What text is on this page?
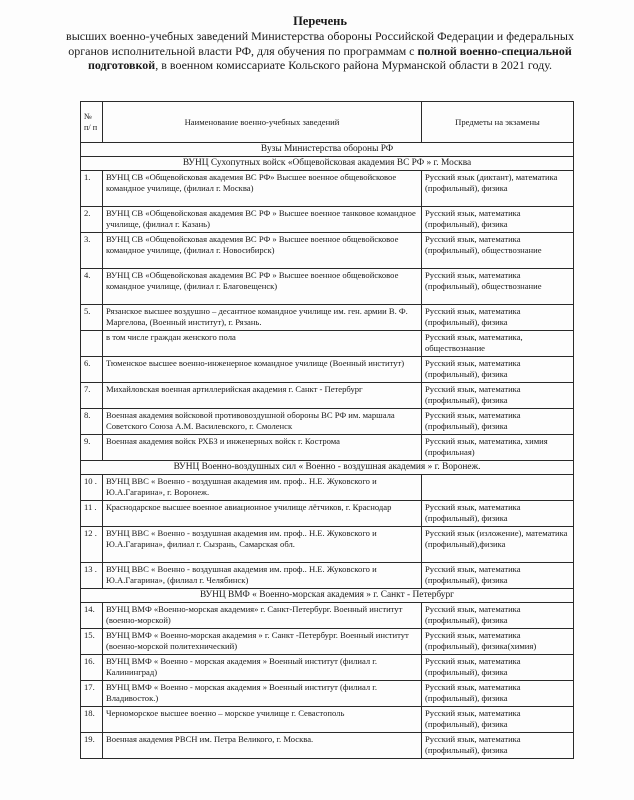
Перечень
высших военно-учебных заведений Министерства обороны Российской Федерации и федеральных органов исполнительной власти РФ, для обучения по программам с полной военно-специальной подготовкой, в военном комиссариате Кольского района Мурманской области в 2021 году.
№ п/ п	Наименование военно-учебных заведений	Предметы на экзамены
Вузы Министерства обороны РФ		
ВУНЦ Сухопутных войск «Общевойсковая академия ВС РФ » г. Москва		
1.	ВУНЦ СВ «Общевойсковая академия ВС РФ» Высшее военное общевойсковое командное училище, (филиал г. Москва)	Русский язык (диктант), математика (профильный), физика
2.	ВУНЦ СВ «Общевойсковая академия ВС РФ » Высшее военное танковое командное училище, (филиал г. Казань)	Русский язык, математика (профильный), физика
3.	ВУНЦ СВ «Общевойсковая академия ВС РФ » Высшее военное общевойсковое командное училище, (филиал г. Новосибирск)	Русский язык, математика (профильный), обществознание
4.	ВУНЦ СВ «Общевойсковая академия ВС РФ » Высшее военное общевойсковое командное училище, (филиал г. Благовещенск)	Русский язык, математика (профильный), обществознание
5.	Рязанское высшее воздушно – десантное командное училище им. ген. армии В. Ф. Маргелова, (Военный институт), г. Рязань.	Русский язык, математика (профильный), физика
	в том числе граждан женского пола	Русский язык, математика, обществознание
6.	Тюменское высшее военно-инженерное командное училище (Военный институт)	Русский язык, математика (профильный), физика
7.	Михайловская военная артиллерийская академия г. Санкт - Петербург	Русский язык, математика (профильный), физика
8.	Военная академия войсковой противовоздушной обороны ВС РФ им. маршала Советского Союза А.М. Василевского, г. Смоленск	Русский язык, математика (профильный), физика
9.	Военная академия войск РХБЗ и инженерных войск г. Кострома	Русский язык, математика, химия (профильная)
ВУНЦ Военно-воздушных сил « Военно - воздушная академия » г. Воронеж.		
10 .	ВУНЦ ВВС « Военно - воздушная академия им. проф.. Н.Е. Жуковского и Ю.А.Гагарина», г. Воронеж.	
11 .	Краснодарское высшее военное авиационное училище лётчиков, г. Краснодар	Русский язык, математика (профильный), физика
12 .	ВУНЦ ВВС « Военно - воздушная академия им. проф.. Н.Е. Жуковского и Ю.А.Гагарина», филиал г. Сызрань, Самарская обл.	Русский язык (изложение), математика (профильный),физика
13 .	ВУНЦ ВВС « Военно - воздушная академия им. проф.. Н.Е. Жуковского и Ю.А.Гагарина», (филиал г. Челябинск)	Русский язык, математика (профильный), физика
ВУНЦ ВМФ « Военно-морская академия » г. Санкт - Петербург		
14.	ВУНЦ ВМФ «Военно-морская академия» г. Санкт-Петербург. Военный институт (военно-морской)	Русский язык, математика (профильный), физика
15.	ВУНЦ ВМФ « Военно-морская академия » г. Санкт -Петербург. Военный институт (военно-морской политехнический)	Русский язык, математика (профильный), физика(химия)
16.	ВУНЦ ВМФ « Военно - морская академия » Военный институт (филиал г. Калининград)	Русский язык, математика (профильный), физика
17.	ВУНЦ ВМФ « Военно - морская академия » Военный институт (филиал г. Владивосток.)	Русский язык, математика (профильный), физика
18.	Черноморское высшее военно – морское училище г. Севастополь	Русский язык, математика (профильный), физика
19.	Военная академия РВСН им. Петра Великого, г. Москва.	Русский язык, математика (профильный), физика
